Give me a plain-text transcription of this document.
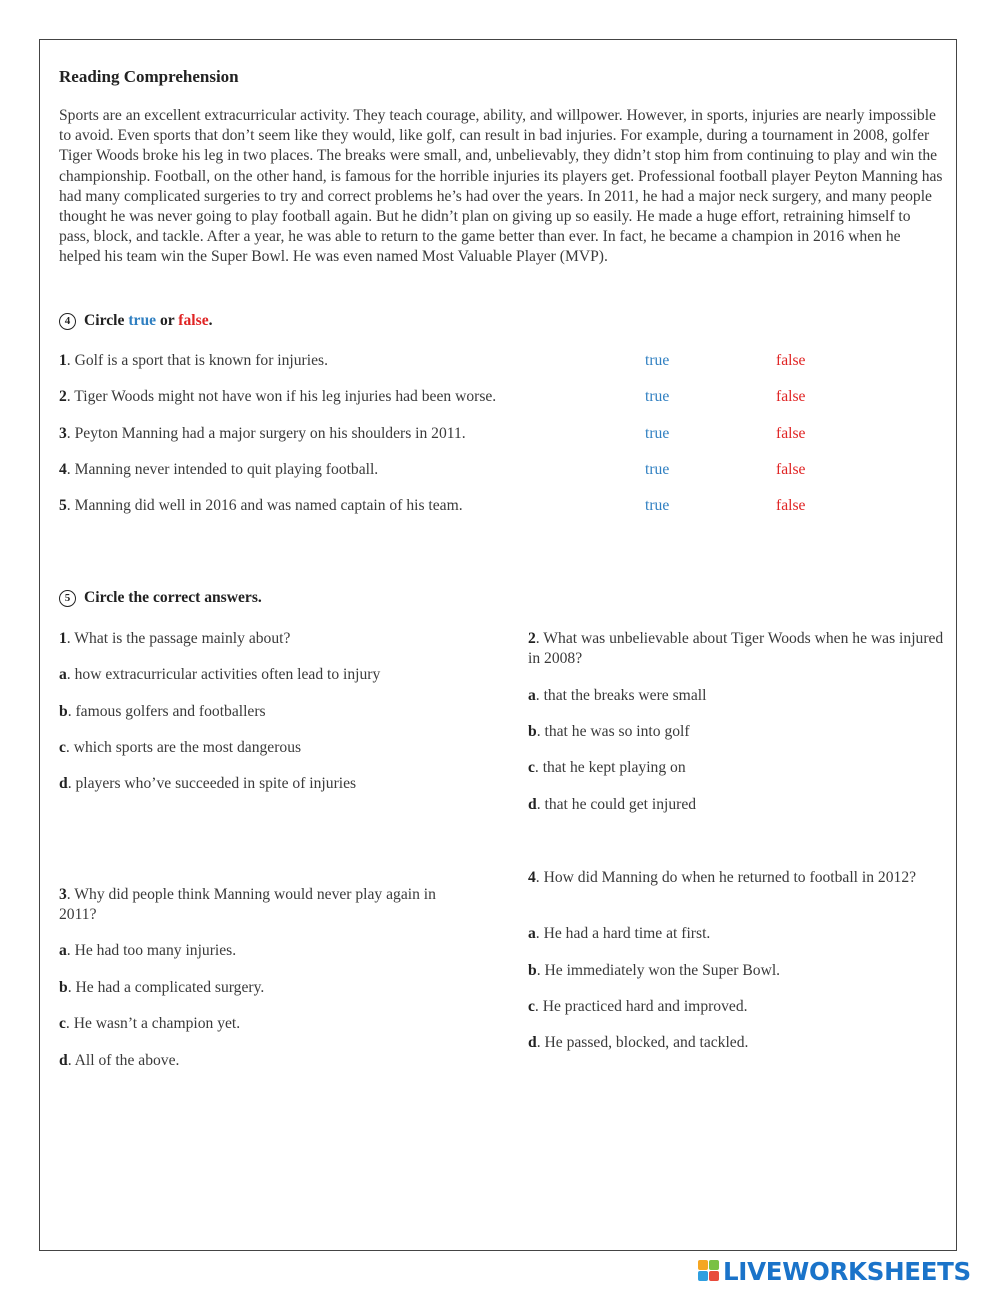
Reading Comprehension
Sports are an excellent extracurricular activity. They teach courage, ability, and willpower. However, in sports, injuries are nearly impossible to avoid. Even sports that don’t seem like they would, like golf, can result in bad injuries. For example, during a tournament in 2008, golfer Tiger Woods broke his leg in two places. The breaks were small, and, unbelievably, they didn’t stop him from continuing to play and win the championship. Football, on the other hand, is famous for the horrible injuries its players get. Professional football player Peyton Manning has had many complicated surgeries to try and correct problems he’s had over the years. In 2011, he had a major neck surgery, and many people thought he was never going to play football again. But he didn’t plan on giving up so easily. He made a huge effort, retraining himself to pass, block, and tackle. After a year, he was able to return to the game better than ever. In fact, he became a champion in 2016 when he helped his team win the Super Bowl. He was even named Most Valuable Player (MVP).
4 Circle true or false.
1. Golf is a sport that is known for injuries.	true	false
2. Tiger Woods might not have won if his leg injuries had been worse.	true	false
3. Peyton Manning had a major surgery on his shoulders in 2011.	true	false
4. Manning never intended to quit playing football.	true	false
5. Manning did well in 2016 and was named captain of his team.	true	false
5 Circle the correct answers.

1. What is the passage mainly about?

a. how extracurricular activities often lead to injury
b. famous golfers and footballers
c. which sports are the most dangerous
d. players who’ve succeeded in spite of injuries

2. What was unbelievable about Tiger Woods when he was injured in 2008?

a. that the breaks were small
b. that he was so into golf
c. that he kept playing on
d. that he could get injured

3. Why did people think Manning would never play again in 2011?

a. He had too many injuries.
b. He had a complicated surgery.
c. He wasn’t a champion yet.
d. All of the above.

4. How did Manning do when he returned to football in 2012?

a. He had a hard time at first.
b. He immediately won the Super Bowl.
c. He practiced hard and improved.
d. He passed, blocked, and tackled.
LIVEWORKSHEETS
